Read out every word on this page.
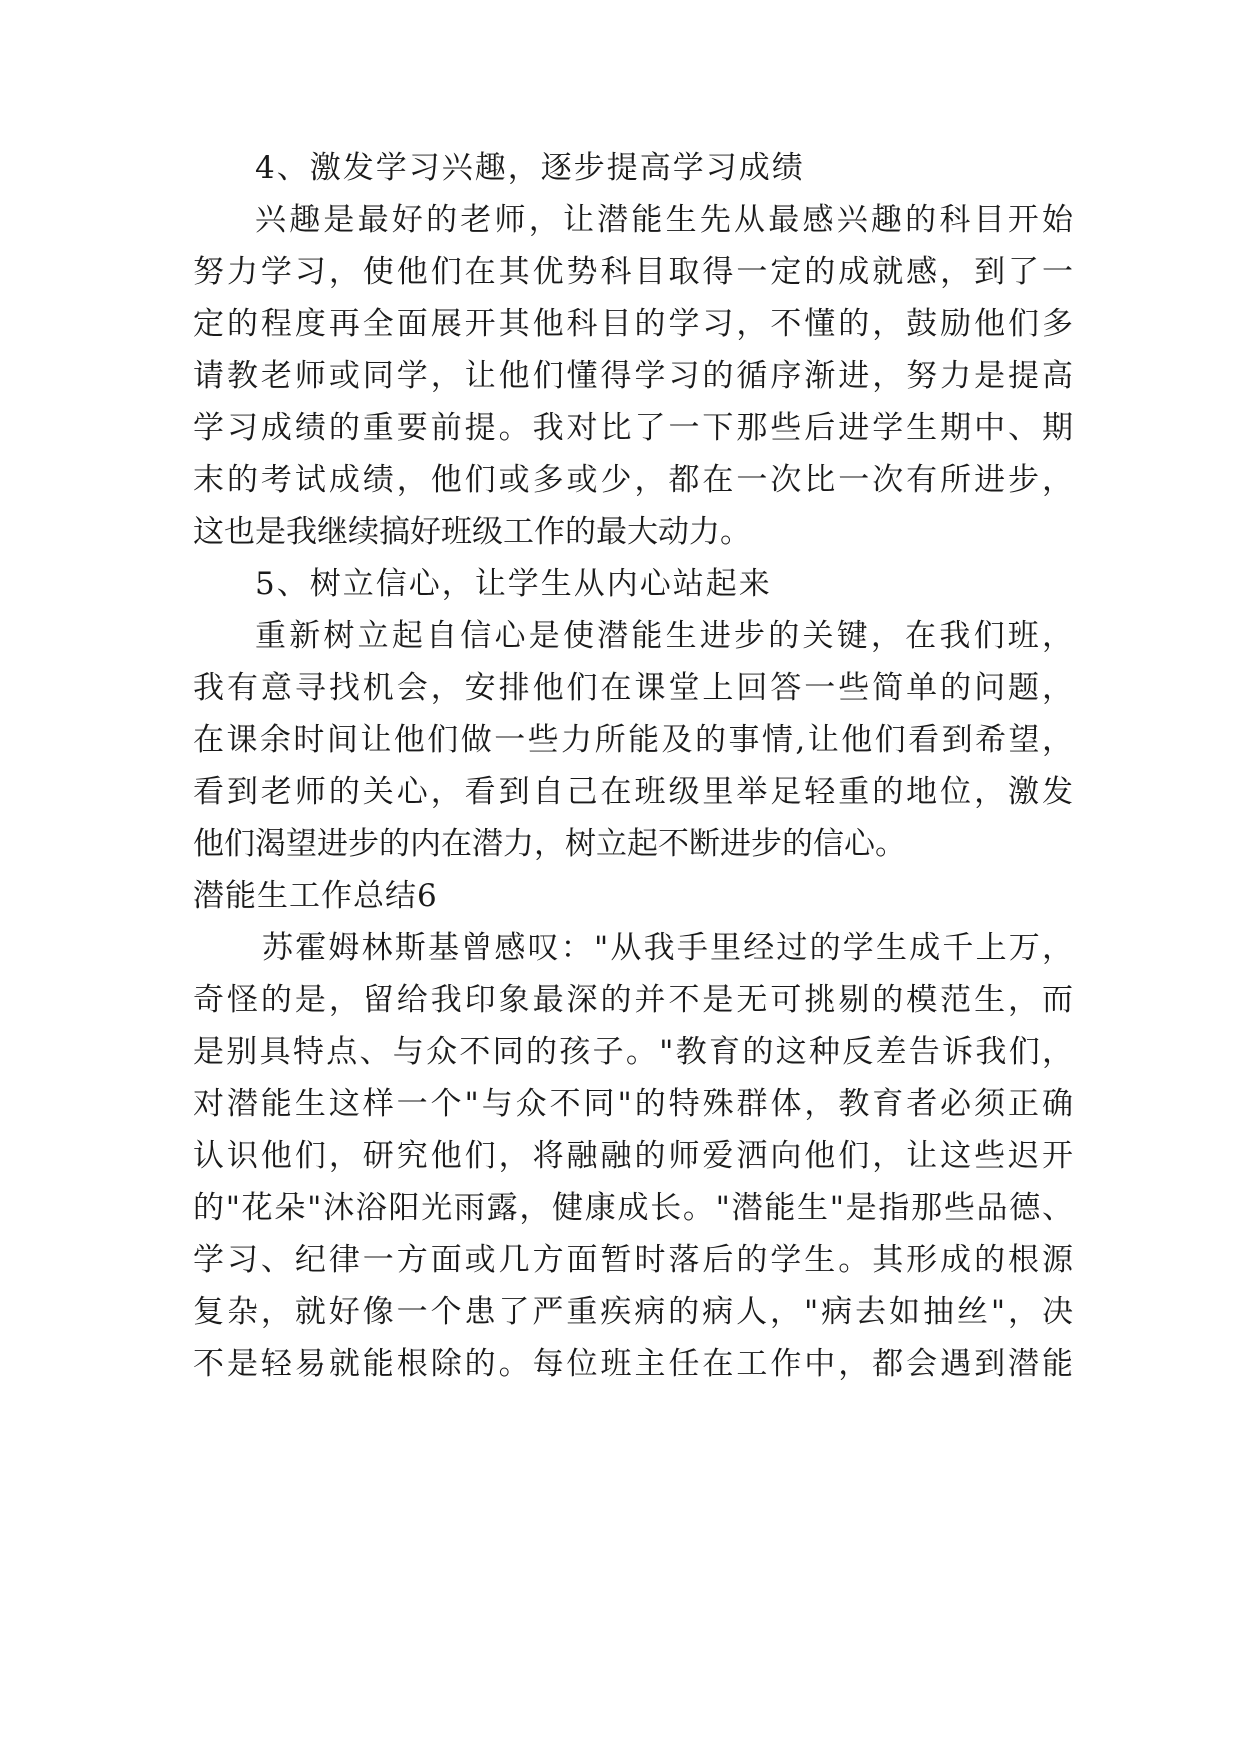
4、激发学习兴趣，逐步提高学习成绩
兴趣是最好的老师，让潜能生先从最感兴趣的科目开始
努力学习，使他们在其优势科目取得一定的成就感，到了一
定的程度再全面展开其他科目的学习，不懂的，鼓励他们多
请教老师或同学，让他们懂得学习的循序渐进，努力是提高
学习成绩的重要前提。我对比了一下那些后进学生期中、期
末的考试成绩，他们或多或少，都在一次比一次有所进步，
这也是我继续搞好班级工作的最大动力。
5、树立信心，让学生从内心站起来
重新树立起自信心是使潜能生进步的关键，在我们班，
我有意寻找机会，安排他们在课堂上回答一些简单的问题，
在课余时间让他们做一些力所能及的事情,让他们看到希望，
看到老师的关心，看到自己在班级里举足轻重的地位，激发
他们渴望进步的内在潜力，树立起不断进步的信心。
潜能生工作总结6
苏霍姆林斯基曾感叹："从我手里经过的学生成千上万，
奇怪的是，留给我印象最深的并不是无可挑剔的模范生，而
是别具特点、与众不同的孩子。"教育的这种反差告诉我们，
对潜能生这样一个"与众不同"的特殊群体，教育者必须正确
认识他们，研究他们，将融融的师爱洒向他们，让这些迟开
的"花朵"沐浴阳光雨露，健康成长。"潜能生"是指那些品德、
学习、纪律一方面或几方面暂时落后的学生。其形成的根源
复杂，就好像一个患了严重疾病的病人，"病去如抽丝"，决
不是轻易就能根除的。每位班主任在工作中，都会遇到潜能
